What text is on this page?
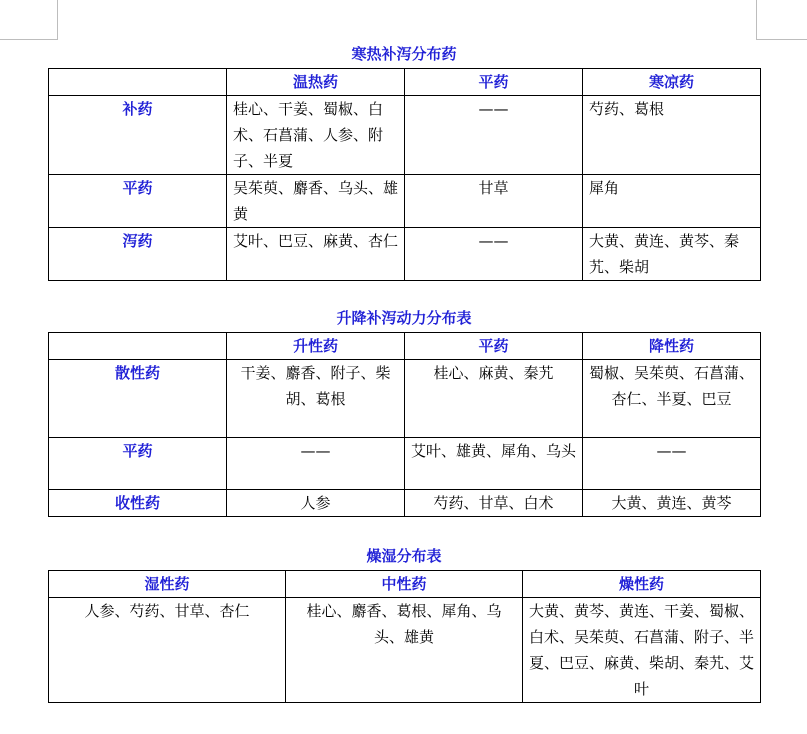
寒热补泻分布药
	温热药	平药	寒凉药
补药	桂心、干姜、蜀椒、白术、石菖蒲、人参、附子、半夏	——	芍药、葛根
平药	吴茱萸、麝香、乌头、雄黄	甘草	犀角
泻药	艾叶、巴豆、麻黄、杏仁	——	大黄、黄连、黄芩、秦艽、柴胡
升降补泻动力分布表
	升性药	平药	降性药
散性药	干姜、麝香、附子、柴胡、葛根	桂心、麻黄、秦艽	蜀椒、吴茱萸、石菖蒲、杏仁、半夏、巴豆
平药	——	艾叶、雄黄、犀角、乌头	——
收性药	人参	芍药、甘草、白术	大黄、黄连、黄芩
燥湿分布表
湿性药	中性药	燥性药
人参、芍药、甘草、杏仁	桂心、麝香、葛根、犀角、乌头、雄黄	大黄、黄芩、黄连、干姜、蜀椒、白术、吴茱萸、石菖蒲、附子、半夏、巴豆、麻黄、柴胡、秦艽、艾叶
